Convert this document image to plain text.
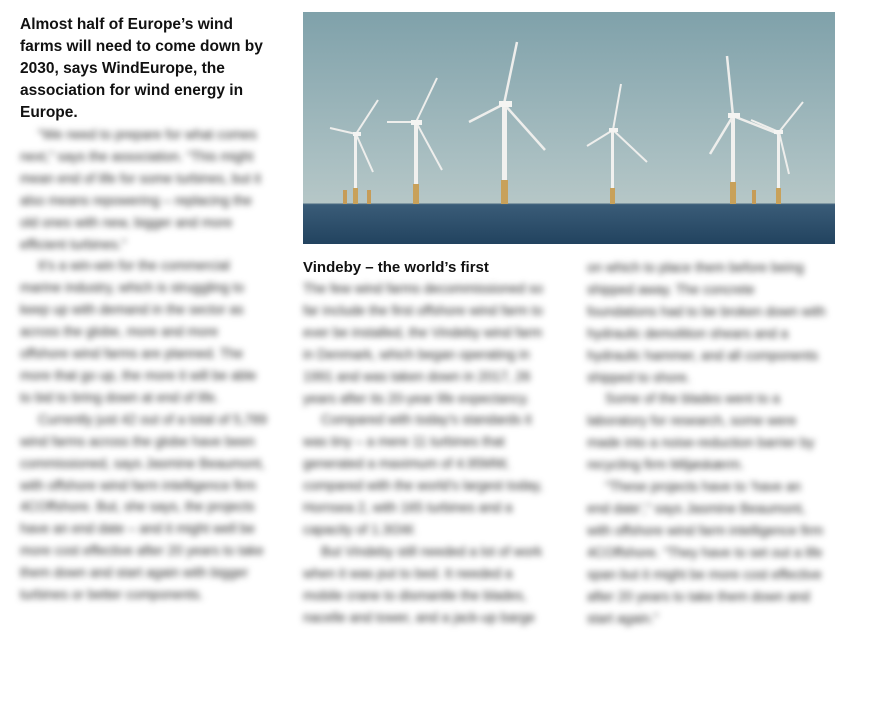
Almost half of Europe’s wind farms will need to come down by 2030, says WindEurope, the association for wind energy in Europe.

“We need to prepare for what comes next,” says the association. “This might mean end of life for some turbines, but it also means repowering – replacing the old ones with new, bigger and more efficient turbines.”

It’s a win-win for the commercial marine industry, which is struggling to keep up with demand in the sector as across the globe, more and more offshore wind farms are planned. The more that go up, the more it will be able to bid to bring down at end of life.

Currently just 42 out of a total of 5,789 wind farms across the globe have been commissioned, says Jasmine Beaumont, with offshore wind farm intelligence firm 4COffshore. But, she says, the projects have an end date – and it might well be more cost effective after 20 years to take them down and start again with bigger turbines or better components.

Vindeby – the world’s first

The few wind farms decommissioned so far include the first offshore wind farm to ever be installed, the Vindeby wind farm in Denmark, which began operating in 1991 and was taken down in 2017, 26 years after its 20-year life expectancy.

Compared with today’s standards it was tiny – a mere 11 turbines that generated a maximum of 4.95MW, compared with the world’s largest today, Hornsea 2, with 165 turbines and a capacity of 1.3GW.

But Vindeby still needed a lot of work when it was put to bed. It needed a mobile crane to dismantle the blades, nacelle and tower, and a jack-up barge

on which to place them before being shipped away. The concrete foundations had to be broken down with hydraulic demolition shears and a hydraulic hammer, and all components shipped to shore.

Some of the blades went to a laboratory for research, some were made into a noise-reduction barrier by recycling firm Miljøskærm.

“These projects have to ‘have an end date’,” says Jasmine Beaumont, with offshore wind farm intelligence firm 4COffshore. “They have to set out a life span but it might be more cost effective after 20 years to take them down and start again.”
